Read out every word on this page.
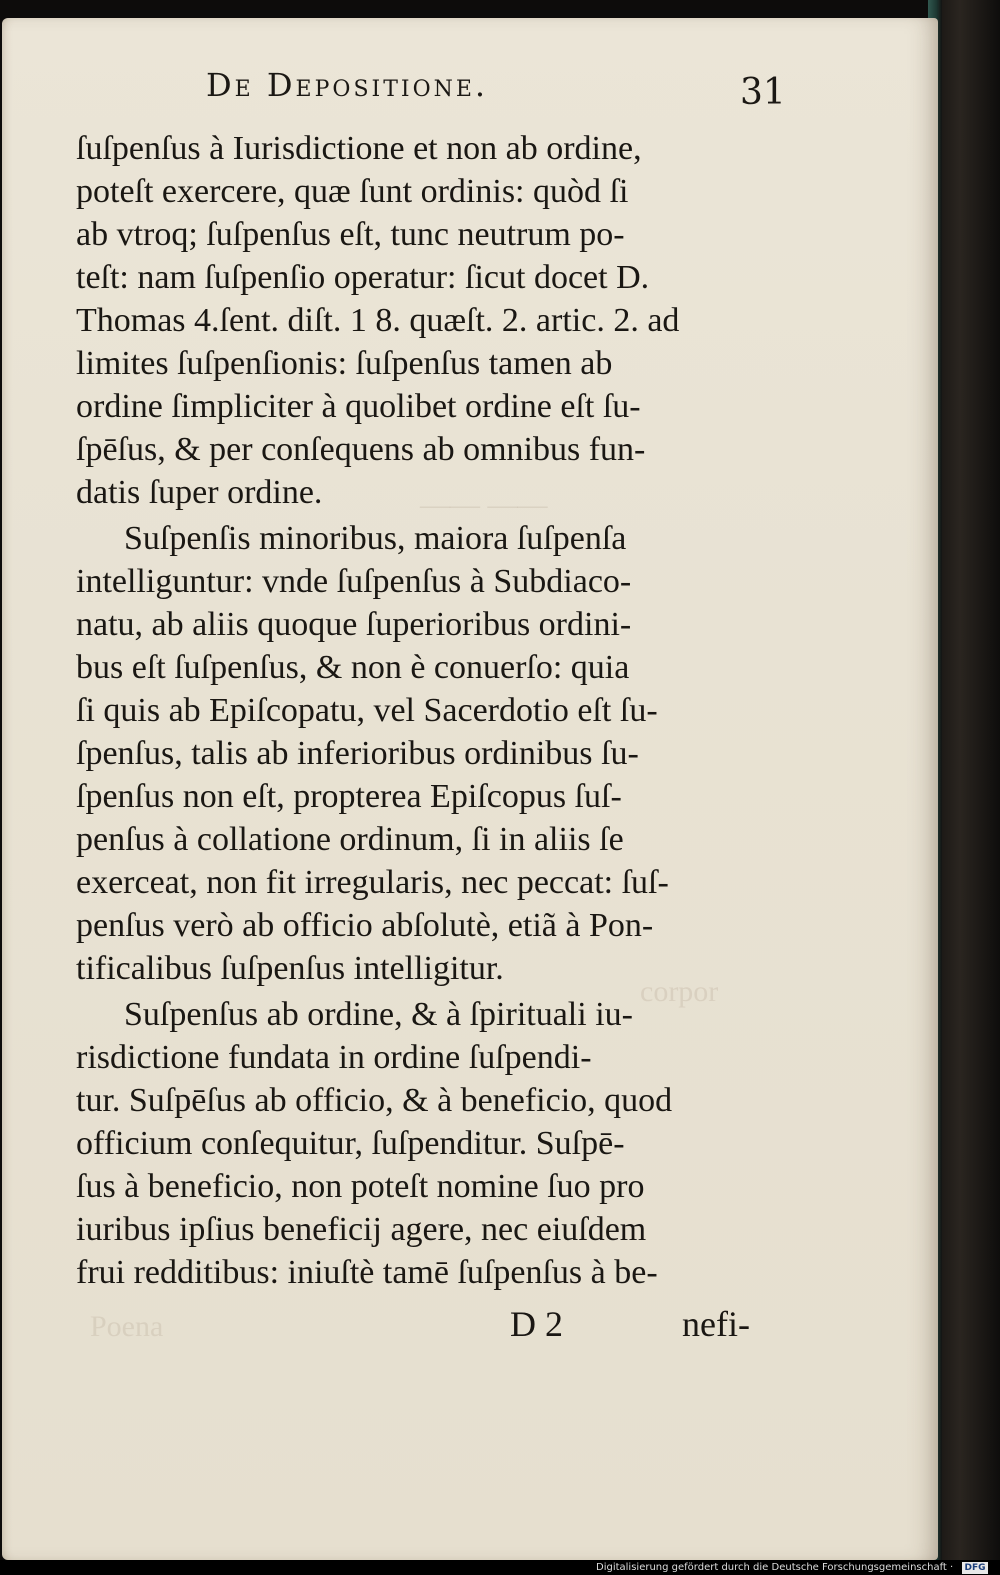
—— ——
corpor
Poena
De Depositione.	31
ſuſpenſus à Iurisdictione et non ab ordine,
poteſt exercere, quæ ſunt ordinis: quòd ſi
ab vtroq; ſuſpenſus eſt, tunc neutrum po-
teſt: nam ſuſpenſio operatur: ſicut docet D.
Thomas 4.ſent. diſt. 1 8. quæſt. 2. artic. 2. ad
limites ſuſpenſionis: ſuſpenſus tamen ab
ordine ſimpliciter à quolibet ordine eſt ſu-
ſpēſus, & per conſequens ab omnibus fun-
datis ſuper ordine.
Suſpenſis minoribus, maiora ſuſpenſa
intelliguntur: vnde ſuſpenſus à Subdiaco-
natu, ab aliis quoque ſuperioribus ordini-
bus eſt ſuſpenſus, & non è conuerſo: quia
ſi quis ab Epiſcopatu, vel Sacerdotio eſt ſu-
ſpenſus, talis ab inferioribus ordinibus ſu-
ſpenſus non eſt, propterea Epiſcopus ſuſ-
penſus à collatione ordinum, ſi in aliis ſe
exerceat, non fit irregularis, nec peccat: ſuſ-
penſus verò ab officio abſolutè, etiã à Pon-
tificalibus ſuſpenſus intelligitur.
Suſpenſus ab ordine, & à ſpirituali iu-
risdictione fundata in ordine ſuſpendi-
tur. Suſpēſus ab officio, & à beneficio, quod
officium conſequitur, ſuſpenditur. Suſpē-
ſus à beneficio, non poteſt nomine ſuo pro
iuribus ipſius beneficij agere, nec eiuſdem
frui redditibus: iniuſtè tamē ſuſpenſus à be-
D 2	nefi-
Digitalisierung gefördert durch die Deutsche Forschungsgemeinschaft ·	DFG
